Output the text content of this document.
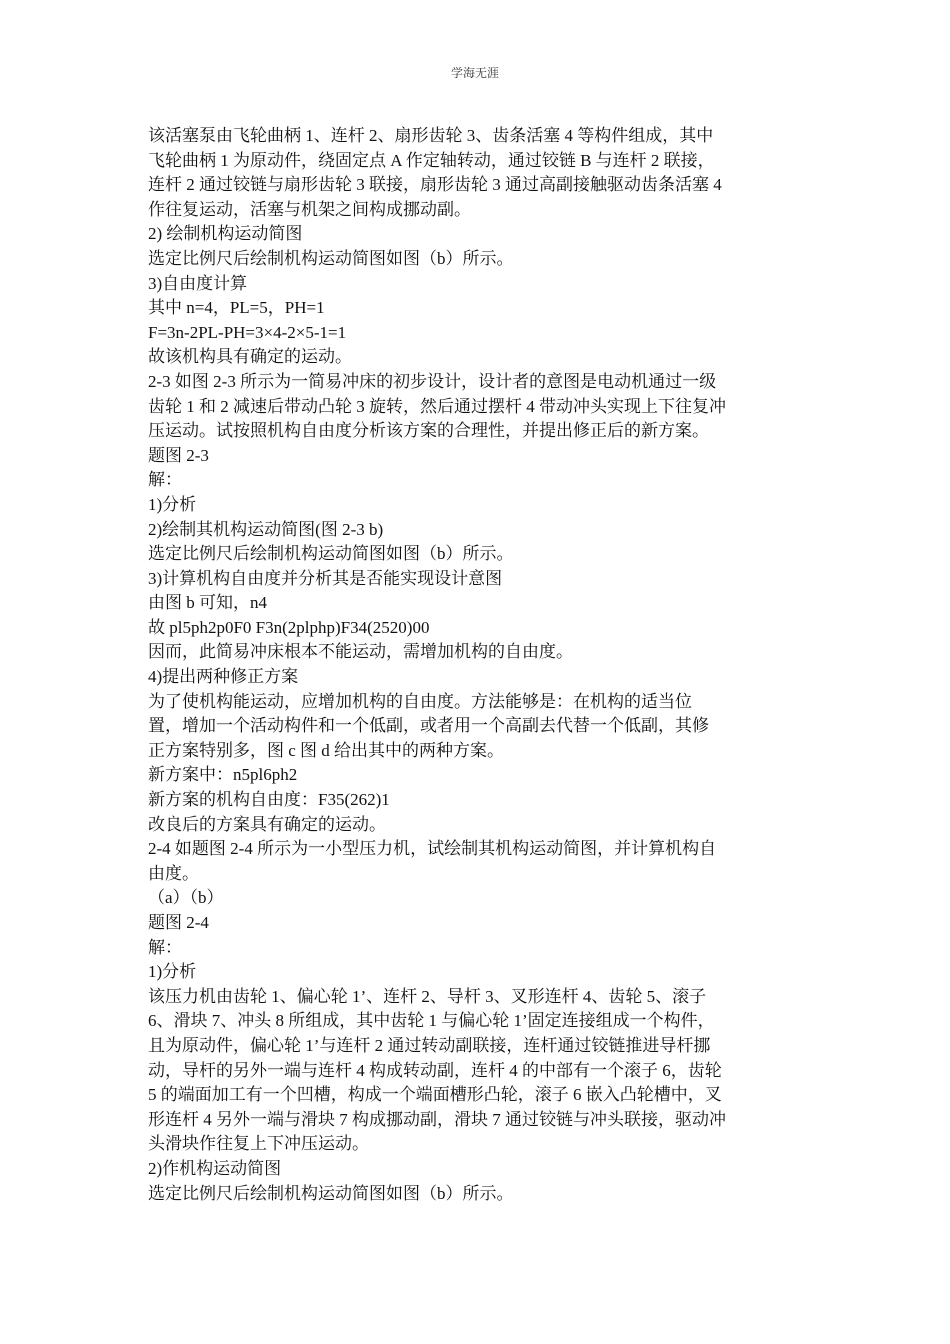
学海无涯

该活塞泵由飞轮曲柄 1、连杆 2、扇形齿轮 3、齿条活塞 4 等构件组成，其中

飞轮曲柄 1 为原动件，绕固定点 A 作定轴转动，通过铰链 B 与连杆 2 联接，

连杆 2 通过铰链与扇形齿轮 3 联接，扇形齿轮 3 通过高副接触驱动齿条活塞 4

作往复运动，活塞与机架之间构成挪动副。

2) 绘制机构运动简图

选定比例尺后绘制机构运动简图如图（b）所示。

3)自由度计算

其中 n=4，PL=5，PH=1

F=3n-2PL-PH=3×4-2×5-1=1

故该机构具有确定的运动。

2-3 如图 2-3 所示为一简易冲床的初步设计，设计者的意图是电动机通过一级

齿轮 1 和 2 减速后带动凸轮 3 旋转，然后通过摆杆 4 带动冲头实现上下往复冲

压运动。试按照机构自由度分析该方案的合理性，并提出修正后的新方案。

题图 2-3

解：

1)分析

2)绘制其机构运动简图(图 2-3 b)

选定比例尺后绘制机构运动简图如图（b）所示。

3)计算机构自由度并分析其是否能实现设计意图

由图 b 可知，n4

故 pl5ph2p0F0 F3n(2plphp)F34(2520)00

因而，此简易冲床根本不能运动，需增加机构的自由度。

4)提出两种修正方案

为了使机构能运动，应增加机构的自由度。方法能够是：在机构的适当位

置，增加一个活动构件和一个低副，或者用一个高副去代替一个低副，其修

正方案特别多，图 c 图 d 给出其中的两种方案。

新方案中：n5pl6ph2

新方案的机构自由度：F35(262)1

改良后的方案具有确定的运动。

2-4 如题图 2-4 所示为一小型压力机，试绘制其机构运动简图，并计算机构自

由度。

（a）（b）

题图 2-4

解：

1)分析

该压力机由齿轮 1、偏心轮 1’、连杆 2、导杆 3、叉形连杆 4、齿轮 5、滚子

6、滑块 7、冲头 8 所组成，其中齿轮 1 与偏心轮 1’固定连接组成一个构件，

且为原动件，偏心轮 1’与连杆 2 通过转动副联接，连杆通过铰链推进导杆挪

动，导杆的另外一端与连杆 4 构成转动副，连杆 4 的中部有一个滚子 6，齿轮

5 的端面加工有一个凹槽，构成一个端面槽形凸轮，滚子 6 嵌入凸轮槽中，叉

形连杆 4 另外一端与滑块 7 构成挪动副，滑块 7 通过铰链与冲头联接，驱动冲

头滑块作往复上下冲压运动。

2)作机构运动简图

选定比例尺后绘制机构运动简图如图（b）所示。
